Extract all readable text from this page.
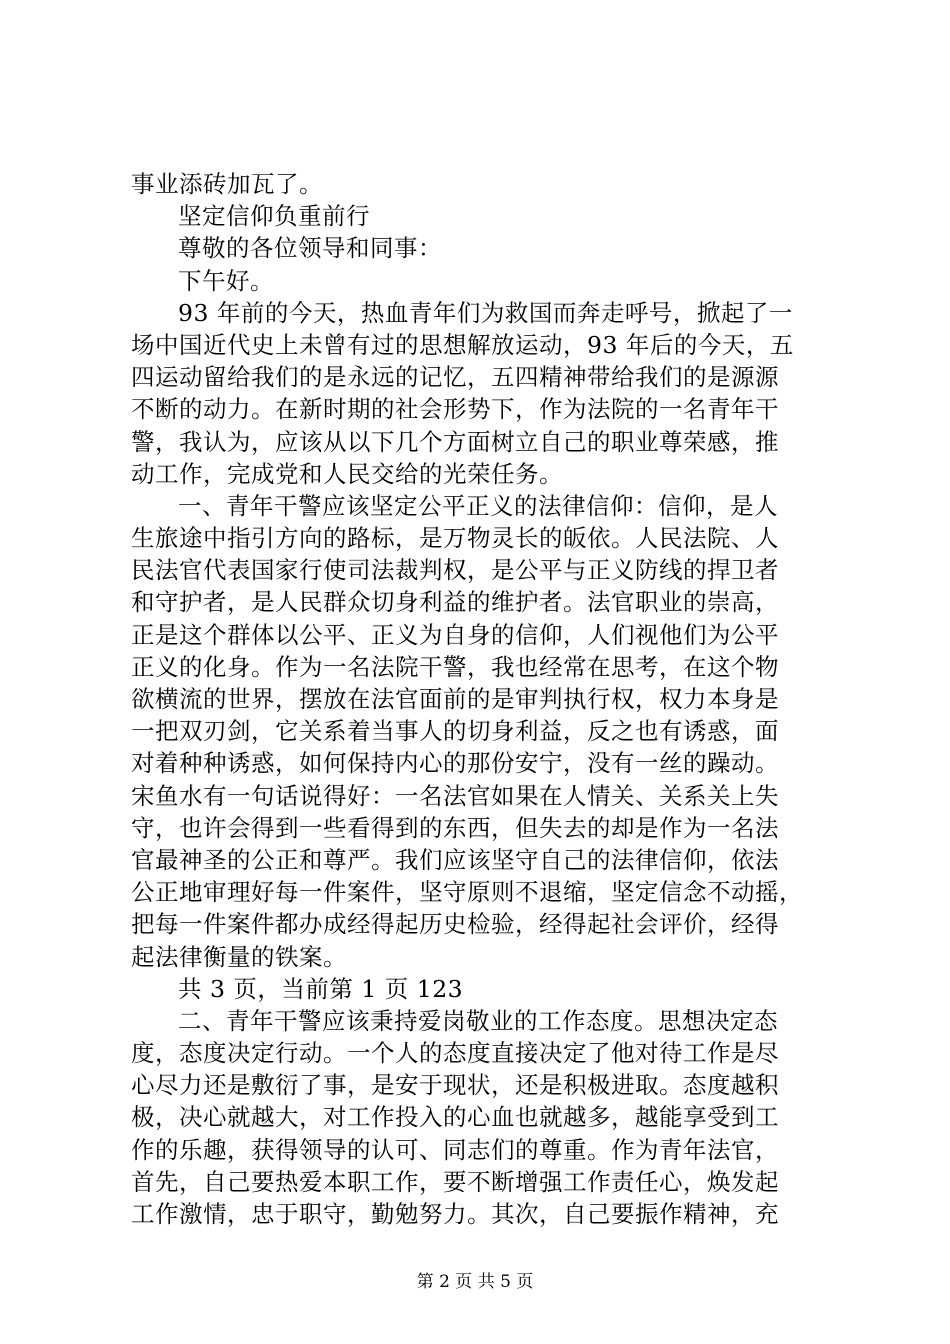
事业添砖加瓦了。
坚定信仰负重前行
尊敬的各位领导和同事：
下午好。
93 年前的今天，热血青年们为救国而奔走呼号，掀起了一
场中国近代史上未曾有过的思想解放运动，93 年后的今天，五
四运动留给我们的是永远的记忆，五四精神带给我们的是源源
不断的动力。在新时期的社会形势下，作为法院的一名青年干
警，我认为，应该从以下几个方面树立自己的职业尊荣感，推
动工作，完成党和人民交给的光荣任务。
一、青年干警应该坚定公平正义的法律信仰：信仰，是人
生旅途中指引方向的路标，是万物灵长的皈依。人民法院、人
民法官代表国家行使司法裁判权，是公平与正义防线的捍卫者
和守护者，是人民群众切身利益的维护者。法官职业的崇高，
正是这个群体以公平、正义为自身的信仰，人们视他们为公平
正义的化身。作为一名法院干警，我也经常在思考，在这个物
欲横流的世界，摆放在法官面前的是审判执行权，权力本身是
一把双刃剑，它关系着当事人的切身利益，反之也有诱惑，面
对着种种诱惑，如何保持内心的那份安宁，没有一丝的躁动。
宋鱼水有一句话说得好：一名法官如果在人情关、关系关上失
守，也许会得到一些看得到的东西，但失去的却是作为一名法
官最神圣的公正和尊严。我们应该坚守自己的法律信仰，依法
公正地审理好每一件案件，坚守原则不退缩，坚定信念不动摇，
把每一件案件都办成经得起历史检验，经得起社会评价，经得
起法律衡量的铁案。
共 3 页，当前第 1 页 123
二、青年干警应该秉持爱岗敬业的工作态度。思想决定态
度，态度决定行动。一个人的态度直接决定了他对待工作是尽
心尽力还是敷衍了事，是安于现状，还是积极进取。态度越积
极，决心就越大，对工作投入的心血也就越多，越能享受到工
作的乐趣，获得领导的认可、同志们的尊重。作为青年法官，
首先，自己要热爱本职工作，要不断增强工作责任心，焕发起
工作激情，忠于职守，勤勉努力。其次，自己要振作精神，充
第 2 页 共 5 页
